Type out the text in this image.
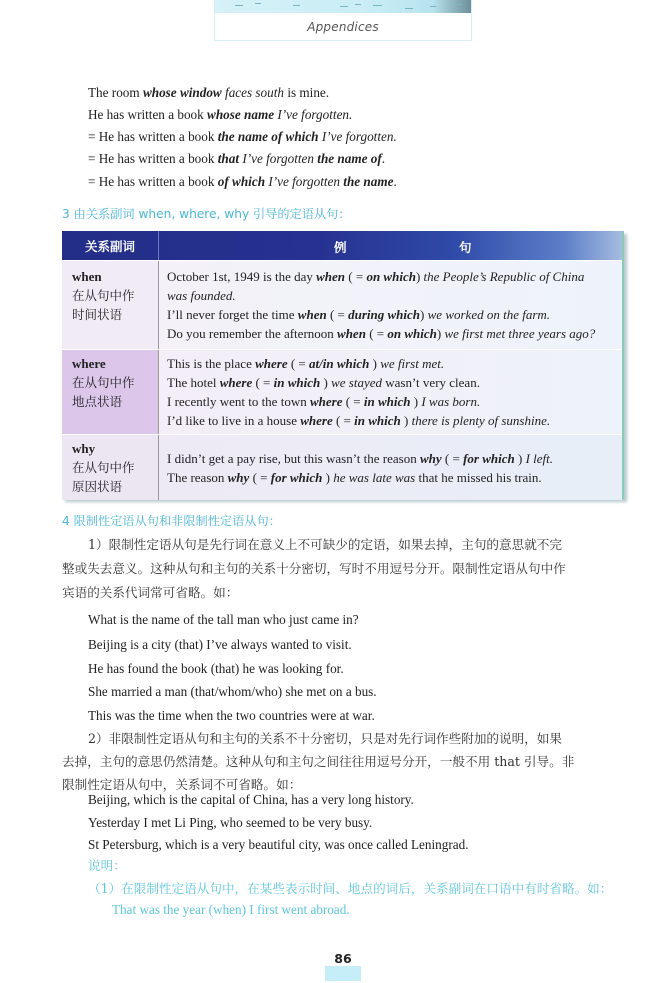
Appendices
The room whose window faces south is mine.
He has written a book whose name I’ve forgotten.
= He has written a book the name of which I’ve forgotten.
= He has written a book that I’ve forgotten the name of.
= He has written a book of which I’ve forgotten the name.
3 由关系副词 when, where, why 引导的定语从句：
关系副词	例	句
when
在从句中作
时间状语
October 1st, 1949 is the day when ( = on which) the People’s Republic of China
was founded.
I’ll never forget the time when ( = during which) we worked on the farm.
Do you remember the afternoon when ( = on which) we first met three years ago?
where
在从句中作
地点状语
This is the place where ( = at/in which ) we first met.
The hotel where ( = in which ) we stayed wasn’t very clean.
I recently went to the town where ( = in which ) I was born.
I’d like to live in a house where ( = in which ) there is plenty of sunshine.
why
在从句中作
原因状语
I didn’t get a pay rise, but this wasn’t the reason why ( = for which ) I left.
The reason why ( = for which ) he was late was that he missed his train.
4 限制性定语从句和非限制性定语从句：
1）限制性定语从句是先行词在意义上不可缺少的定语，如果去掉，主句的意思就不完
整或失去意义。这种从句和主句的关系十分密切，写时不用逗号分开。限制性定语从句中作
宾语的关系代词常可省略。如：
What is the name of the tall man who just came in?
Beijing is a city (that) I’ve always wanted to visit.
He has found the book (that) he was looking for.
She married a man (that/whom/who) she met on a bus.
This was the time when the two countries were at war.
2）非限制性定语从句和主句的关系不十分密切，只是对先行词作些附加的说明，如果
去掉，主句的意思仍然清楚。这种从句和主句之间往往用逗号分开，一般不用 that 引导。非
限制性定语从句中，关系词不可省略。如：
Beijing, which is the capital of China, has a very long history.
Yesterday I met Li Ping, who seemed to be very busy.
St Petersburg, which is a very beautiful city, was once called Leningrad.
说明：
（1）在限制性定语从句中，在某些表示时间、地点的词后，关系副词在口语中有时省略。如：
That was the year (when) I first went abroad.
86
